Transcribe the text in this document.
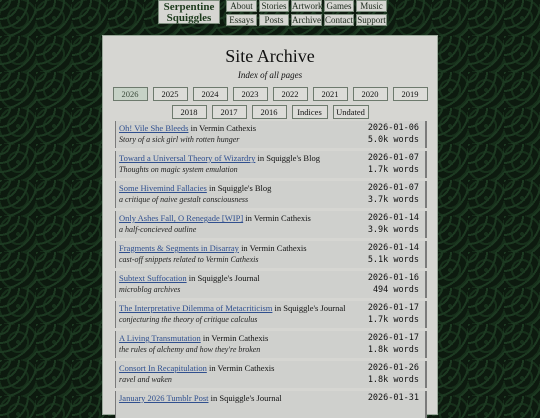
Serpentine
Squiggles
About Stories Artwork Games Music
Essays	Posts Archive Contact Support
Site Archive
Index of all pages
2026	2025	2024	2023	2022	2021	2020	2019
2018	2017	2016	Indices	Undated
Oh! Vile She Bleeds in Vermin Cathexis
Story of a sick girl with rotten hunger
2026-01-06
5.0k words
Toward a Universal Theory of Wizardry in Squiggle's Blog
Thoughts on magic system emulation
2026-01-07
1.7k words
Some Hivemind Fallacies in Squiggle's Blog
a critique of naive gestalt consciousness
2026-01-07
3.7k words
Only Ashes Fall, O Renegade [WIP] in Vermin Cathexis
a half-concieved outline
2026-01-14
3.9k words
Fragments & Segments in Disarray in Vermin Cathexis
cast-off snippets related to Vermin Cathexis
2026-01-14
5.1k words
Subtext Suffocation in Squiggle's Journal
microblog archives
2026-01-16
494 words
The Interpretative Dilemma of Metacriticism in Squiggle's Journal
conjecturing the theory of critique calculus
2026-01-17
1.7k words
A Living Transmutation in Vermin Cathexis
the rules of alchemy and how they're broken
2026-01-17
1.8k words
Consort In Recapitulation in Vermin Cathexis
ravel and waken
2026-01-26
1.8k words
January 2026 Tumblr Post in Squiggle's Journal	2026-01-31
